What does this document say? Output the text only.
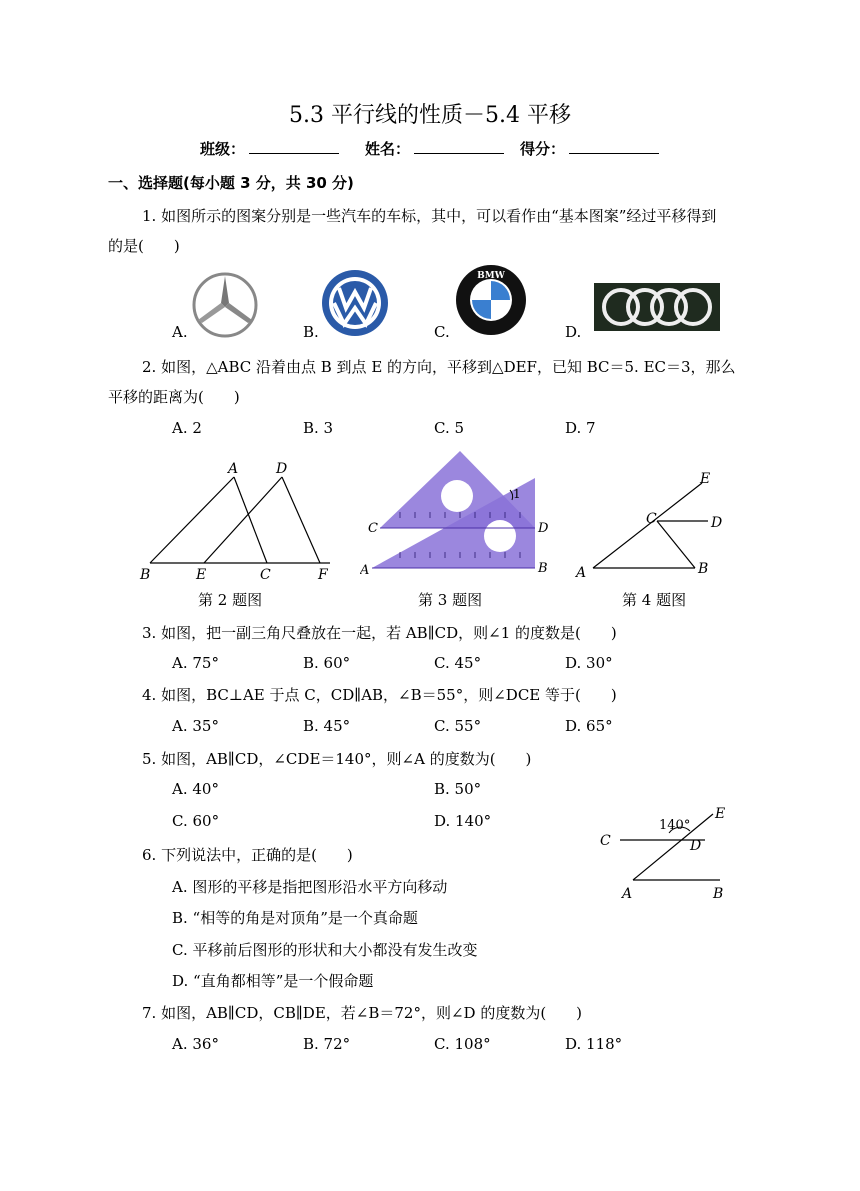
5.3 平行线的性质－5.4 平移
班级：	姓名：	得分：
一、选择题(每小题 3 分，共 30 分)
1. 如图所示的图案分别是一些汽车的车标，其中，可以看作由“基本图案”经过平移得到
的是(　　)
A.	B.
BMW
C.	D.
2. 如图，△ABC 沿着由点 B 到点 E 的方向，平移到△DEF，已知 BC＝5. EC＝3，那么
平移的距离为(　　)
A. 2	B. 3	C. 5	D. 7
A	D
B	E	C	F
第 2 题图
C	D
A	B
1
第 3 题图
E
C	D
A	B
第 4 题图
3. 如图，把一副三角尺叠放在一起，若 AB∥CD，则∠1 的度数是(　　)
A. 75°	B. 60°	C. 45°	D. 30°
4. 如图，BC⊥AE 于点 C，CD∥AB，∠B＝55°，则∠DCE 等于(　　)
A. 35°	B. 45°	C. 55°	D. 65°
5. 如图，AB∥CD，∠CDE＝140°，则∠A 的度数为(　　)
A. 40°	B. 50°
C. 60°	D. 140°	140°
E
C	D
A	B
6. 下列说法中，正确的是(　　)
A. 图形的平移是指把图形沿水平方向移动
B. “相等的角是对顶角”是一个真命题
C. 平移前后图形的形状和大小都没有发生改变
D. “直角都相等”是一个假命题
7. 如图，AB∥CD，CB∥DE，若∠B＝72°，则∠D 的度数为(　　)
A. 36°	B. 72°	C. 108°	D. 118°
